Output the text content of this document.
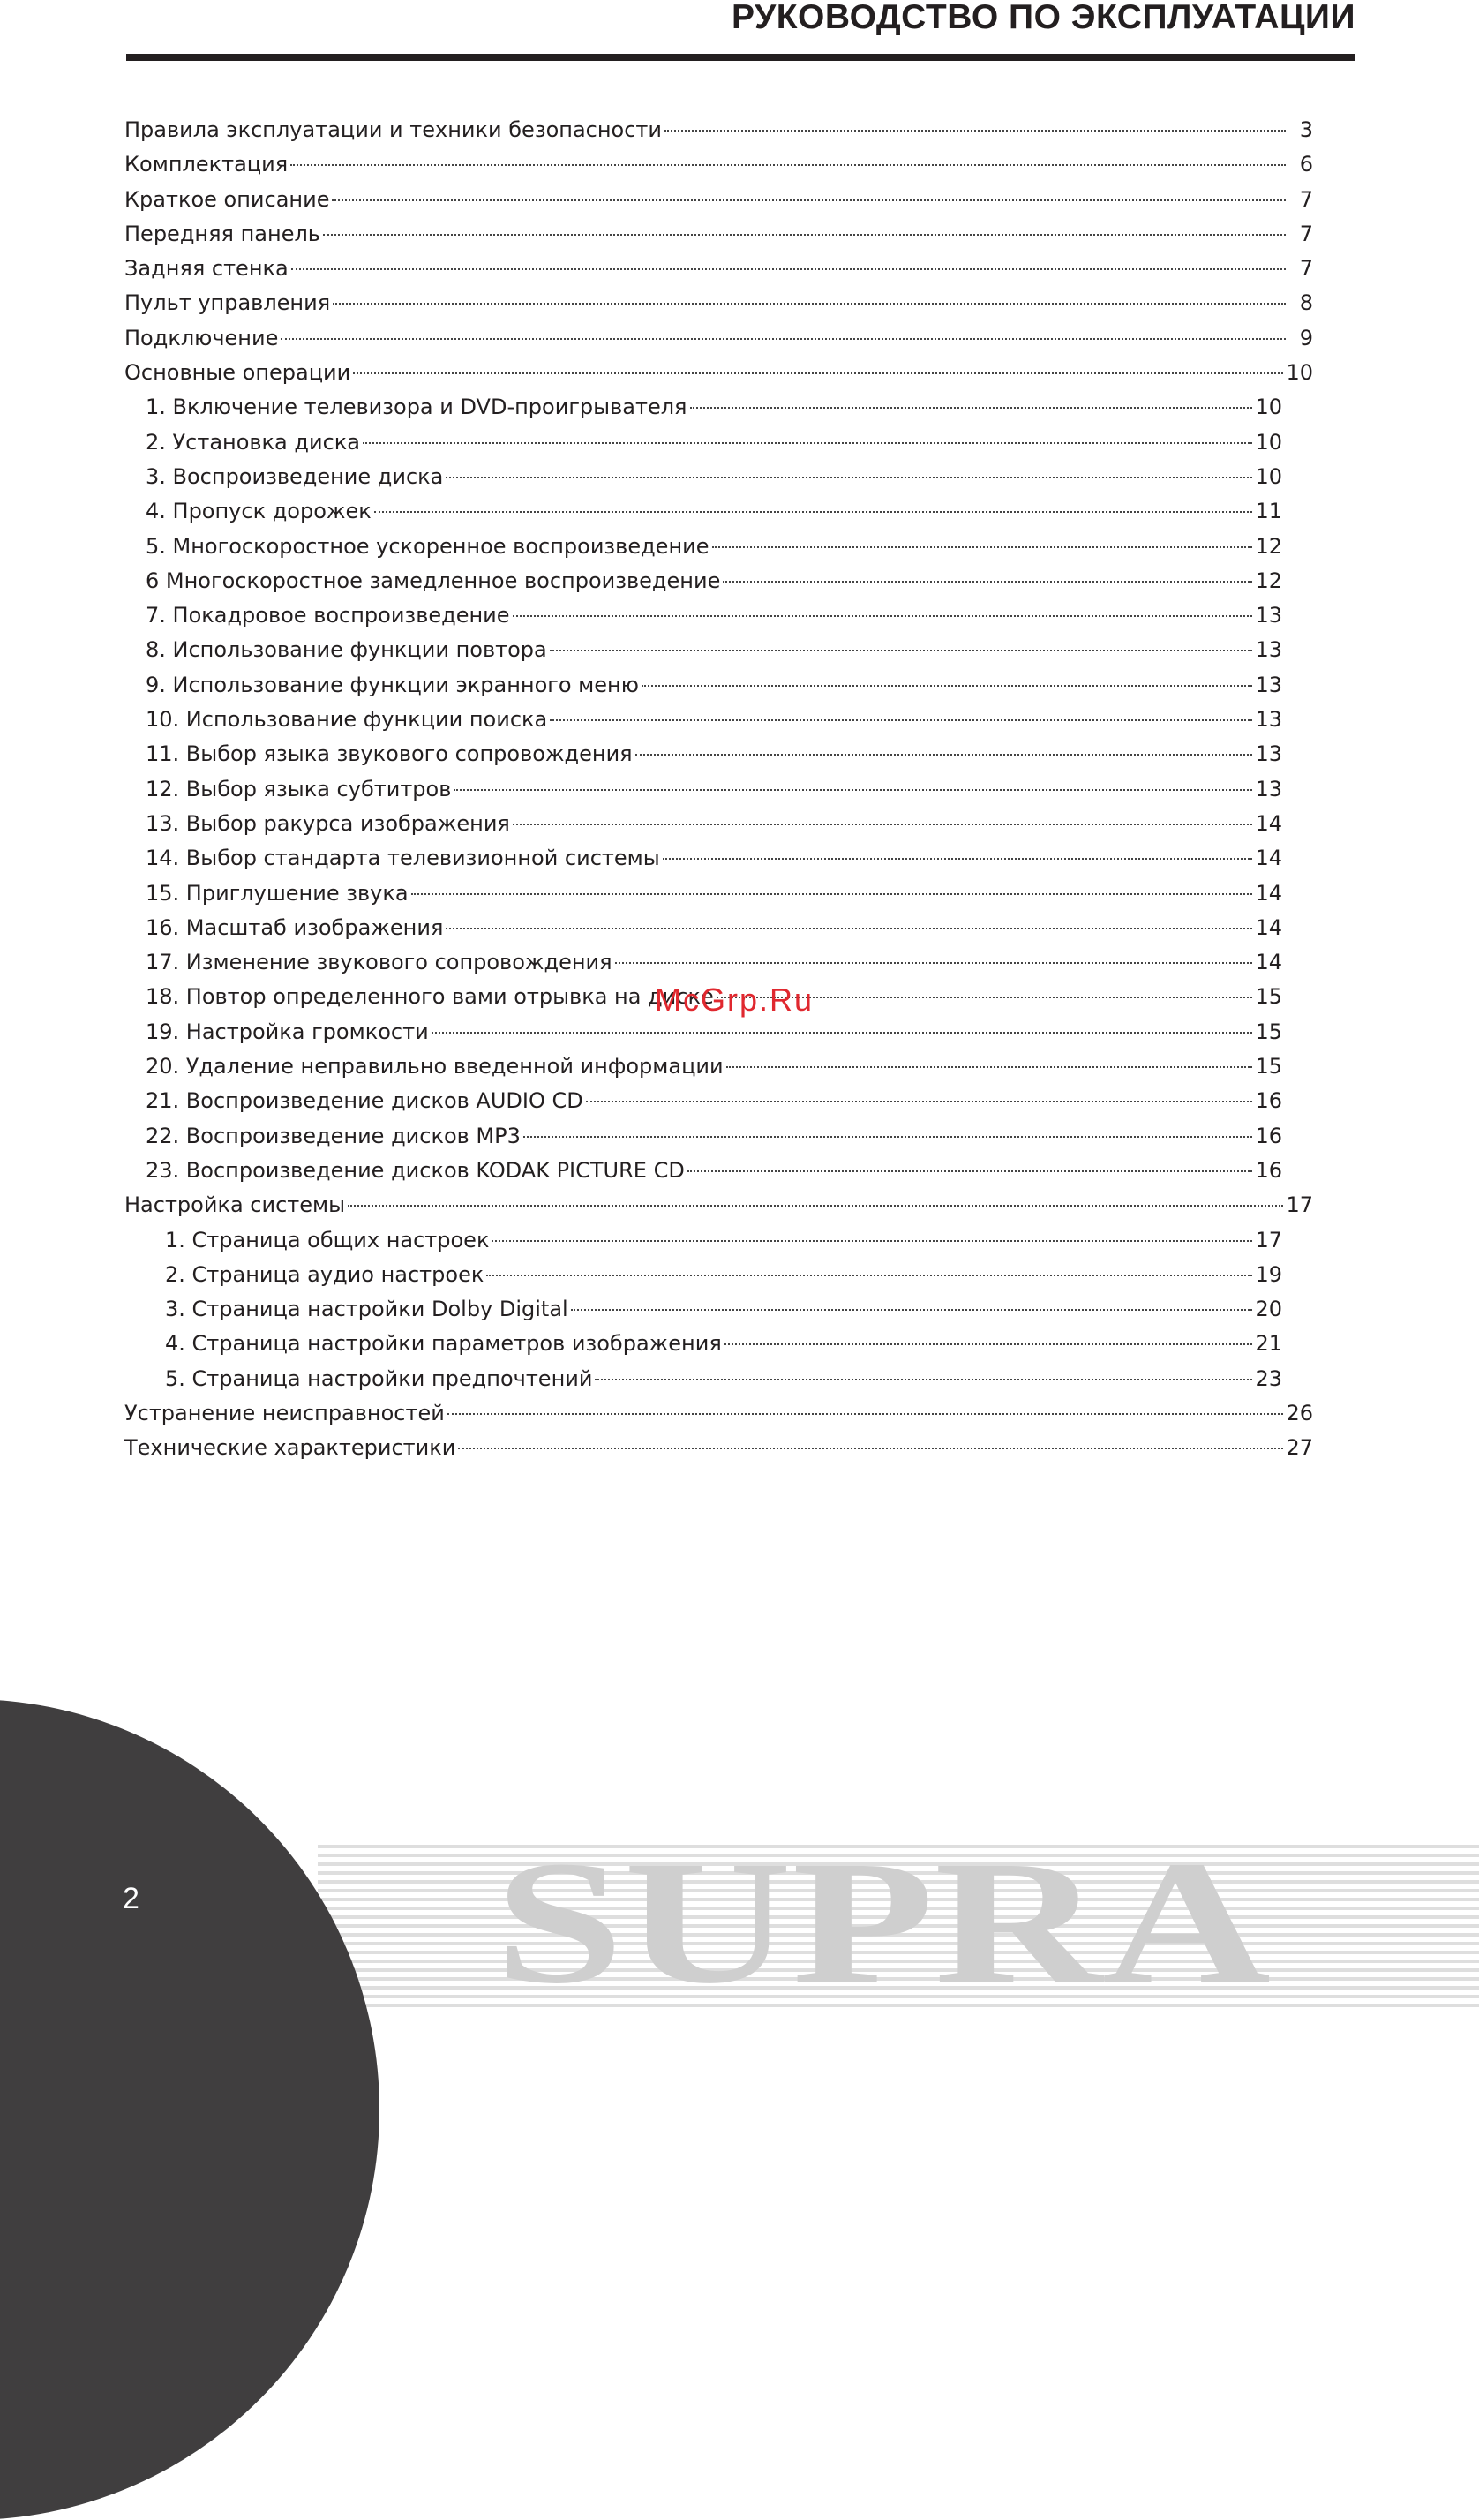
РУКОВОДСТВО ПО ЭКСПЛУАТАЦИИ
Правила эксплуатации и техники безопасности	3
Комплектация	6
Краткое описание	7
Передняя панель	7
Задняя стенка	7
Пульт управления	8
Подключение	9
Основные операции	10
1. Включение телевизора и DVD-проигрывателя	10
2. Установка диска	10
3. Воспроизведение диска	10
4. Пропуск дорожек	11
5. Многоскоростное ускоренное воспроизведение	12
6 Многоскоростное замедленное воспроизведение	12
7. Покадровое воспроизведение	13
8. Использование функции повтора	13
9. Использование функции экранного меню	13
10. Использование функции поиска	13
11. Выбор языка звукового сопровождения	13
12. Выбор языка субтитров	13
13. Выбор ракурса изображения	14
14. Выбор стандарта телевизионной системы	14
15. Приглушение звука	14
16. Масштаб изображения	14
17. Изменение звукового сопровождения	14
18. Повтор определенного вами отрывка на диске	15
19. Настройка громкости	15
20. Удаление неправильно введенной информации	15
21. Воспроизведение дисков AUDIO CD	16
22. Воспроизведение дисков MP3	16
23. Воспроизведение дисков KODAK PICTURE CD	16
Настройка системы	17
1. Страница общих настроек	17
2. Страница аудио настроек	19
3. Страница настройки Dolby Digital	20
4. Страница настройки параметров изображения	21
5. Страница настройки предпочтений	23
Устранение неисправностей	26
Технические характеристики	27
McGrp.Ru
SUPRA
2
